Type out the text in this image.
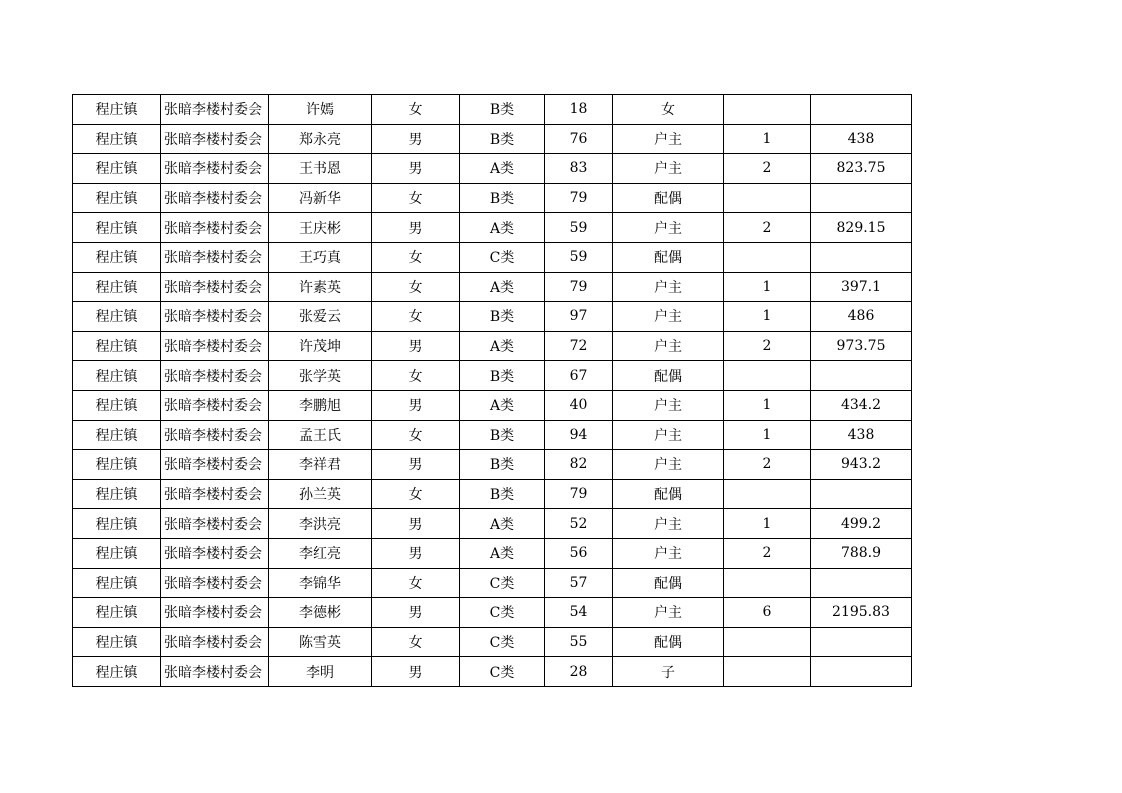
程庄镇	张暗李楼村委会	许嫣	女	B类	18	女		
程庄镇	张暗李楼村委会	郑永亮	男	B类	76	户主	1	438
程庄镇	张暗李楼村委会	王书恩	男	A类	83	户主	2	823.75
程庄镇	张暗李楼村委会	冯新华	女	B类	79	配偶		
程庄镇	张暗李楼村委会	王庆彬	男	A类	59	户主	2	829.15
程庄镇	张暗李楼村委会	王巧真	女	C类	59	配偶		
程庄镇	张暗李楼村委会	许素英	女	A类	79	户主	1	397.1
程庄镇	张暗李楼村委会	张爱云	女	B类	97	户主	1	486
程庄镇	张暗李楼村委会	许茂坤	男	A类	72	户主	2	973.75
程庄镇	张暗李楼村委会	张学英	女	B类	67	配偶		
程庄镇	张暗李楼村委会	李鹏旭	男	A类	40	户主	1	434.2
程庄镇	张暗李楼村委会	孟王氏	女	B类	94	户主	1	438
程庄镇	张暗李楼村委会	李祥君	男	B类	82	户主	2	943.2
程庄镇	张暗李楼村委会	孙兰英	女	B类	79	配偶		
程庄镇	张暗李楼村委会	李洪亮	男	A类	52	户主	1	499.2
程庄镇	张暗李楼村委会	李红亮	男	A类	56	户主	2	788.9
程庄镇	张暗李楼村委会	李锦华	女	C类	57	配偶		
程庄镇	张暗李楼村委会	李德彬	男	C类	54	户主	6	2195.83
程庄镇	张暗李楼村委会	陈雪英	女	C类	55	配偶		
程庄镇	张暗李楼村委会	李明	男	C类	28	子		
